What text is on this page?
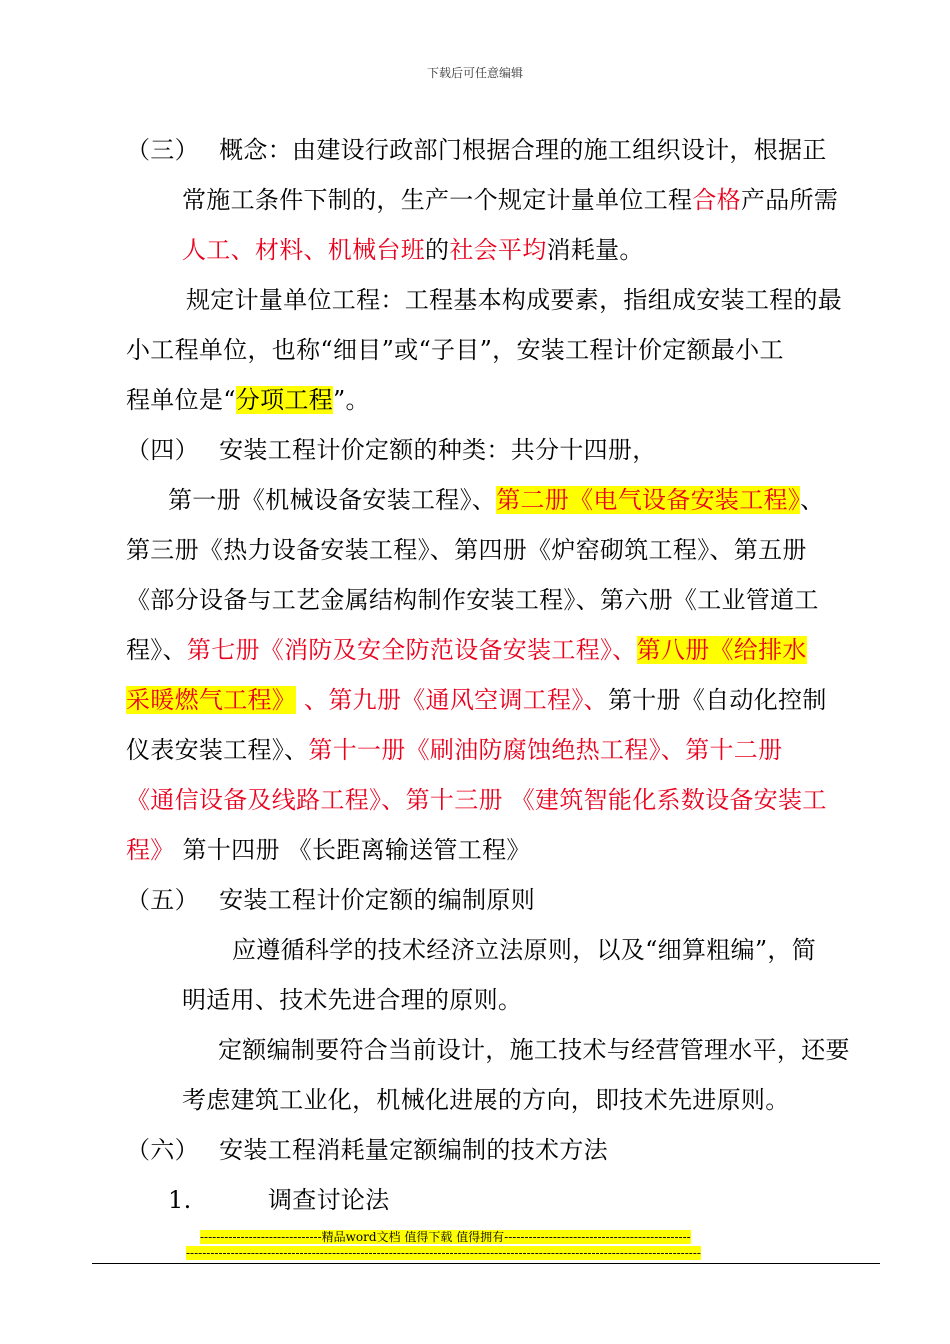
下载后可任意编辑
（三）　 概念：由建设行政部门根据合理的施工组织设计，根据正
常施工条件下制的，生产一个规定计量单位工程合格产品所需
人工、材料、机械台班的社会平均消耗量。
规定计量单位工程：工程基本构成要素，指组成安装工程的最
小工程单位，也称“细目”或“子目”，安装工程计价定额最小工
程单位是“分项工程”。
（四）　 安装工程计价定额的种类：共分十四册，
第一册《机械设备安装工程》、第二册《电气设备安装工程》、
第三册《热力设备安装工程》、第四册《炉窑砌筑工程》、第五册
《部分设备与工艺金属结构制作安装工程》、第六册《工业管道工
程》、第七册《消防及安全防范设备安装工程》、第八册《给排水
采暖燃气工程》 、第九册《通风空调工程》、第十册《自动化控制
仪表安装工程》、第十一册《刷油防腐蚀绝热工程》、第十二册
《通信设备及线路工程》、第十三册 《建筑智能化系数设备安装工
程》 第十四册 《长距离输送管工程》
（五）　 安装工程计价定额的编制原则
应遵循科学的技术经济立法原则，以及“细算粗编”，简
明适用、技术先进合理的原则。
定额编制要符合当前设计，施工技术与经营管理水平，还要
考虑建筑工业化，机械化进展的方向，即技术先进原则。
（六）　 安装工程消耗量定额编制的技术方法
1.	调查讨论法
------------------------------精品word文档 值得下载 值得拥有----------------------------------------------
-------------------------------------------------------------------------------------------------------------------------------
